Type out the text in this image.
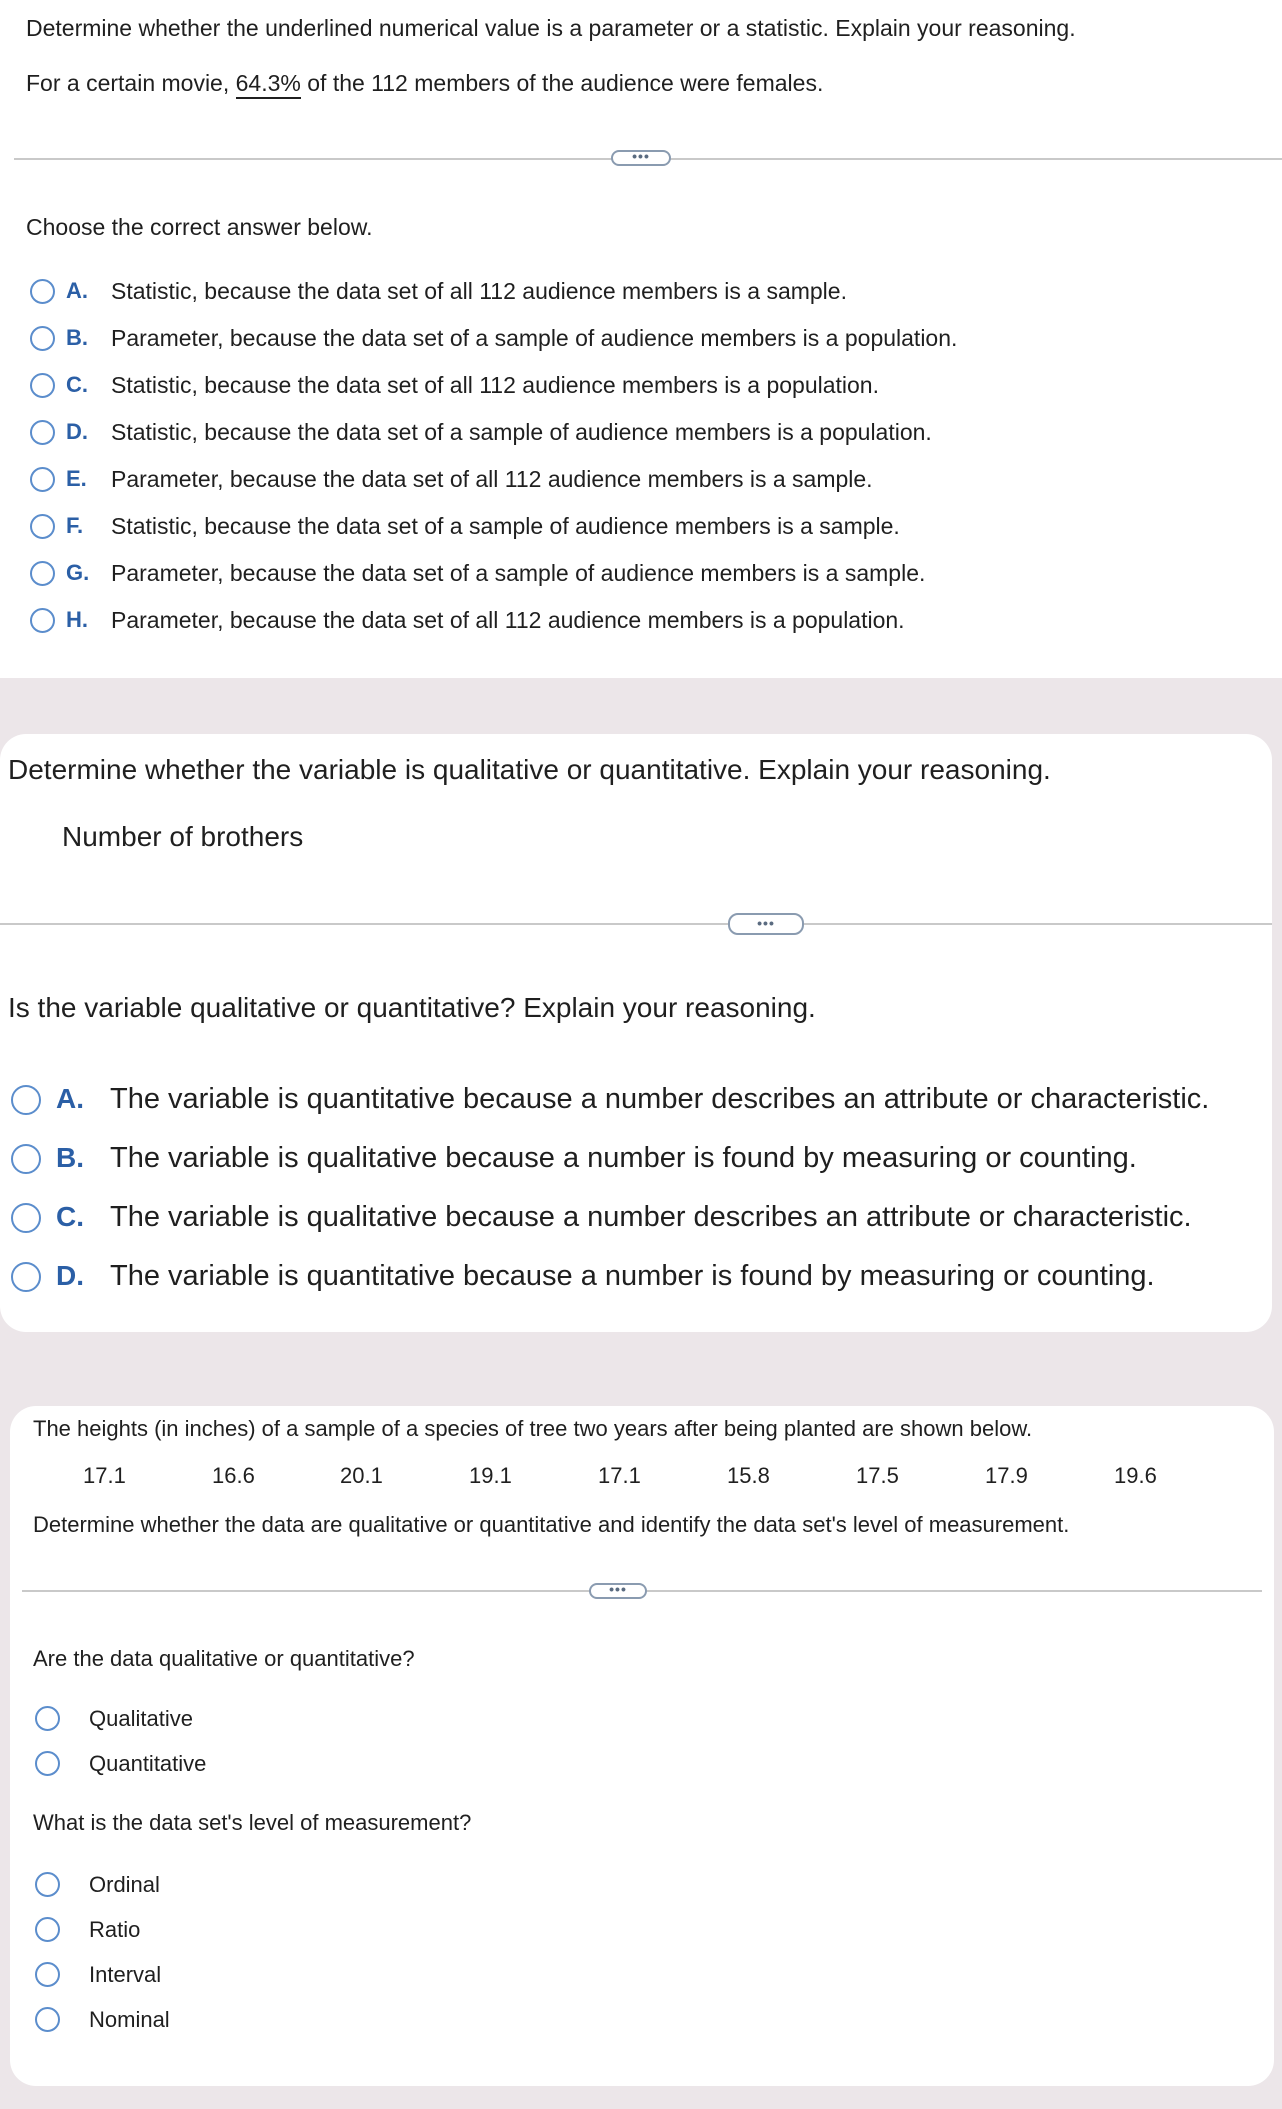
Determine whether the underlined numerical value is a parameter or a statistic. Explain your reasoning.
For a certain movie, 64.3% of the 112 members of the audience were females.
•••
Choose the correct answer below.
A. Statistic, because the data set of all 112 audience members is a sample.
B. Parameter, because the data set of a sample of audience members is a population.
C. Statistic, because the data set of all 112 audience members is a population.
D. Statistic, because the data set of a sample of audience members is a population.
E. Parameter, because the data set of all 112 audience members is a sample.
F. Statistic, because the data set of a sample of audience members is a sample.
G. Parameter, because the data set of a sample of audience members is a sample.
H. Parameter, because the data set of all 112 audience members is a population.
Determine whether the variable is qualitative or quantitative. Explain your reasoning.
Number of brothers
•••
Is the variable qualitative or quantitative? Explain your reasoning.
A. The variable is quantitative because a number describes an attribute or characteristic.
B. The variable is qualitative because a number is found by measuring or counting.
C. The variable is qualitative because a number describes an attribute or characteristic.
D. The variable is quantitative because a number is found by measuring or counting.
The heights (in inches) of a sample of a species of tree two years after being planted are shown below.
17.1	16.6	20.1	19.1	17.1	15.8	17.5	17.9	19.6
Determine whether the data are qualitative or quantitative and identify the data set's level of measurement.
•••
Are the data qualitative or quantitative?
Qualitative
Quantitative
What is the data set's level of measurement?
Ordinal
Ratio
Interval
Nominal
